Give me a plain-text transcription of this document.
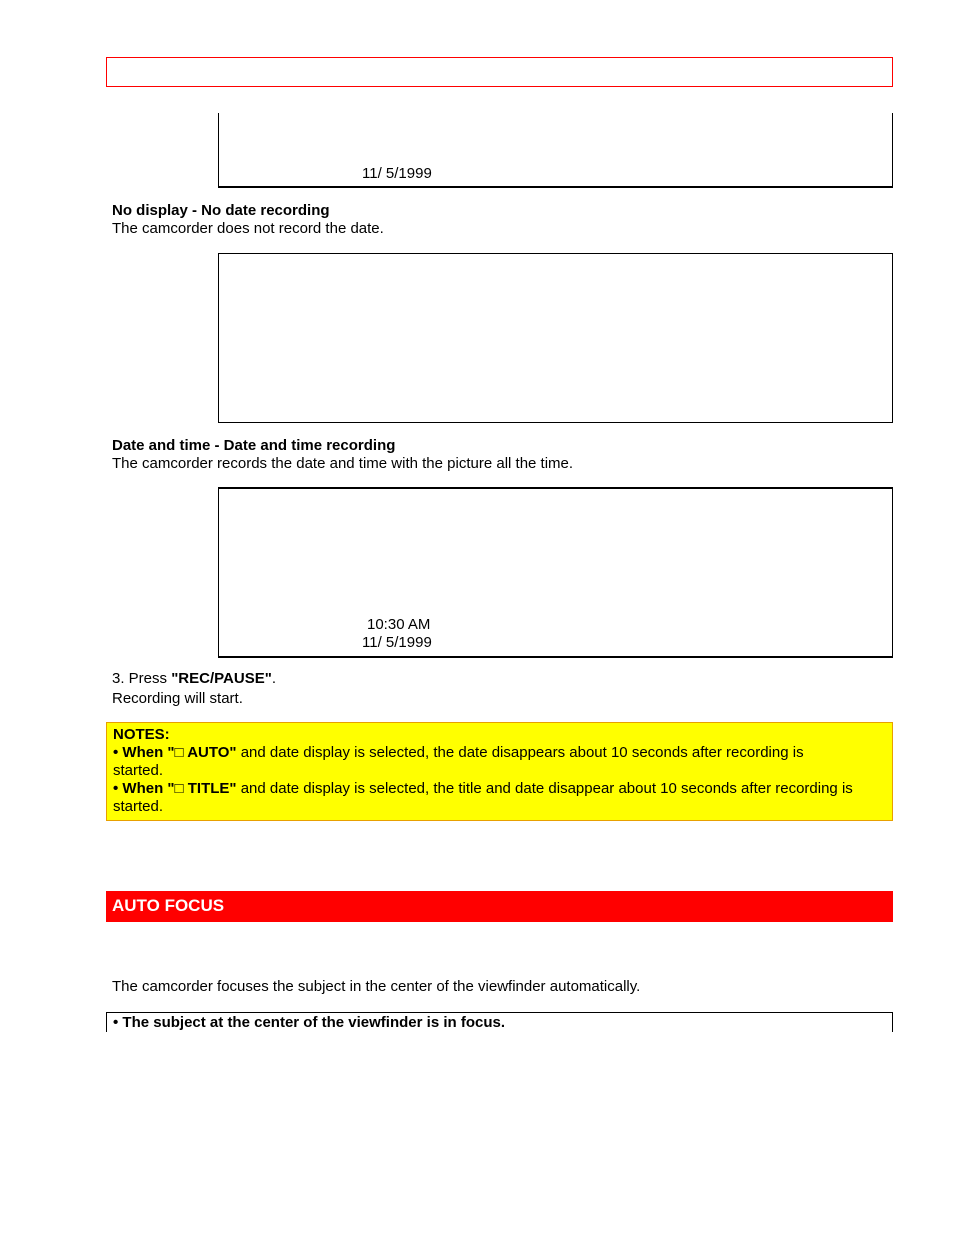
11/ 5/1999
No display - No date recording
The camcorder does not record the date.
Date and time - Date and time recording
The camcorder records the date and time with the picture all the time.
10:30 AM
11/ 5/1999
3. Press "REC/PAUSE".
Recording will start.
NOTES:
• When "□ AUTO" and date display is selected, the date disappears about 10 seconds after recording is
started.
• When "□ TITLE" and date display is selected, the title and date disappear about 10 seconds after recording is
started.
AUTO FOCUS
The camcorder focuses the subject in the center of the viewfinder automatically.
• The subject at the center of the viewfinder is in focus.
